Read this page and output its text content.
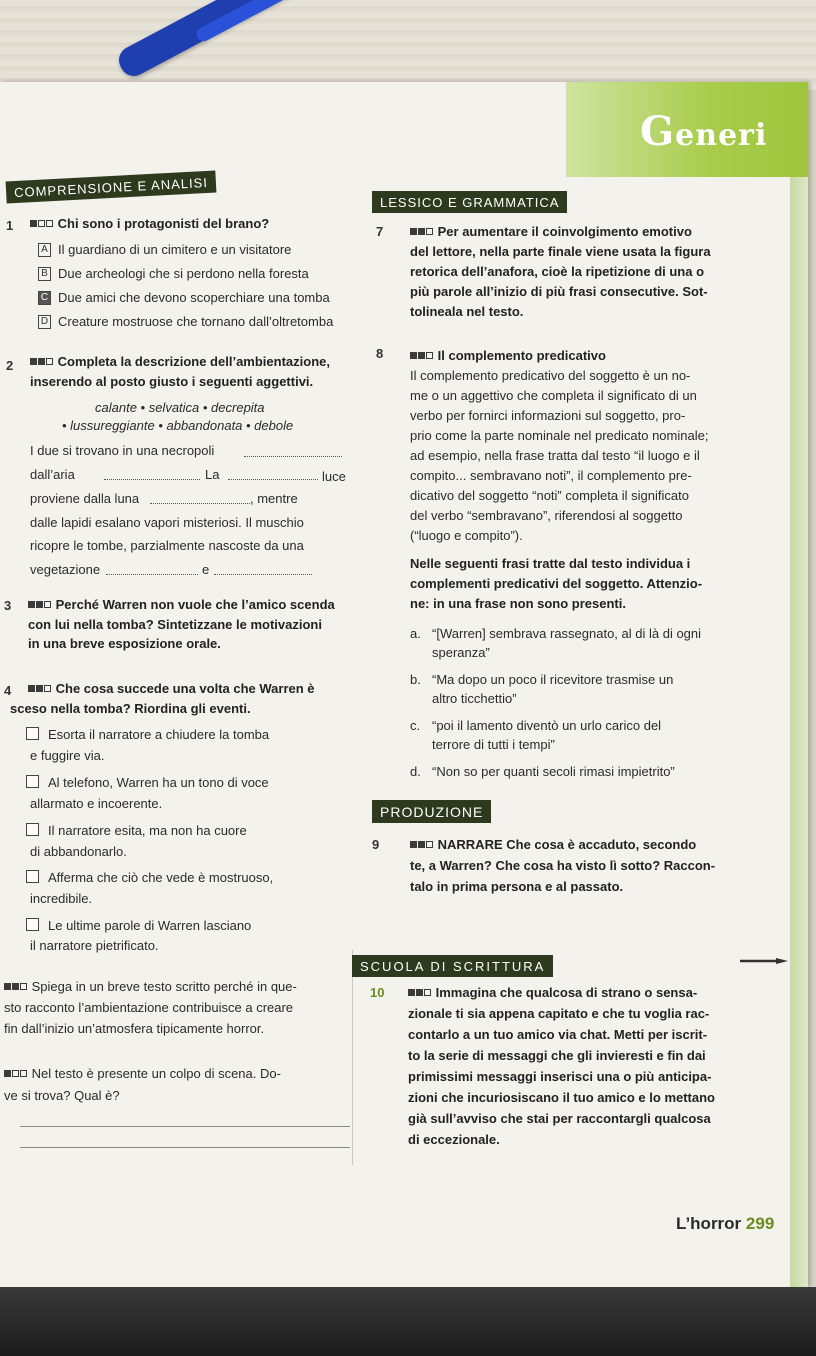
Generi
COMPRENSIONE E ANALISI
1	Chi sono i protagonisti del brano?
A Il guardiano di un cimitero e un visitatore
B Due archeologi che si perdono nella foresta
C Due amici che devono scoperchiare una tomba
D Creature mostruose che tornano dall’oltretomba
2	Completa la descrizione dell’ambientazione,
inserendo al posto giusto i seguenti aggettivi.
calante • selvatica • decrepita
• lussureggiante • abbandonata • debole
I due si trovano in una necropoli
dall’aria	La	luce
proviene dalla luna	, mentre
dalle lapidi esalano vapori misteriosi. Il muschio
ricopre le tombe, parzialmente nascoste da una
vegetazione	e
3	Perché Warren non vuole che l’amico scenda
con lui nella tomba? Sintetizzane le motivazioni
in una breve esposizione orale.
4	Che cosa succede una volta che Warren è
sceso nella tomba? Riordina gli eventi.
Esorta il narratore a chiudere la tomba
e fuggire via.
Al telefono, Warren ha un tono di voce
allarmato e incoerente.
Il narratore esita, ma non ha cuore
di abbandonarlo.
Afferma che ciò che vede è mostruoso,
incredibile.
Le ultime parole di Warren lasciano
il narratore pietrificato.
Spiega in un breve testo scritto perché in que-
sto racconto l’ambientazione contribuisce a creare
fin dall’inizio un’atmosfera tipicamente horror.
Nel testo è presente un colpo di scena. Do-
ve si trova? Qual è?
LESSICO E GRAMMATICA
7	Per aumentare il coinvolgimento emotivo
del lettore, nella parte finale viene usata la figura
retorica dell’anafora, cioè la ripetizione di una o
più parole all’inizio di più frasi consecutive. Sot-
tolineala nel testo.
8	Il complemento predicativo
Il complemento predicativo del soggetto è un no-
me o un aggettivo che completa il significato di un
verbo per fornirci informazioni sul soggetto, pro-
prio come la parte nominale nel predicato nominale;
ad esempio, nella frase tratta dal testo “il luogo e il
compito... sembravano noti”, il complemento pre-
dicativo del soggetto “noti” completa il significato
del verbo “sembravano”, riferendosi al soggetto
(“luogo e compito”).
Nelle seguenti frasi tratte dal testo individua i
complementi predicativi del soggetto. Attenzio-
ne: in una frase non sono presenti.
a. “[Warren] sembrava rassegnato, al di là di ogni
speranza”
b. “Ma dopo un poco il ricevitore trasmise un
altro ticchettio”
c. “poi il lamento diventò un urlo carico del
terrore di tutti i tempi”
d. “Non so per quanti secoli rimasi impietrito”
PRODUZIONE
9	NARRARE Che cosa è accaduto, secondo
te, a Warren? Che cosa ha visto lì sotto? Raccon-
talo in prima persona e al passato.
SCUOLA DI SCRITTURA
10	Immagina che qualcosa di strano o sensa-
zionale ti sia appena capitato e che tu voglia rac-
contarlo a un tuo amico via chat. Metti per iscrit-
to la serie di messaggi che gli invieresti e fin dai
primissimi messaggi inserisci una o più anticipa-
zioni che incuriosiscano il tuo amico e lo mettano
già sull’avviso che stai per raccontargli qualcosa
di eccezionale.
L’horror 299
